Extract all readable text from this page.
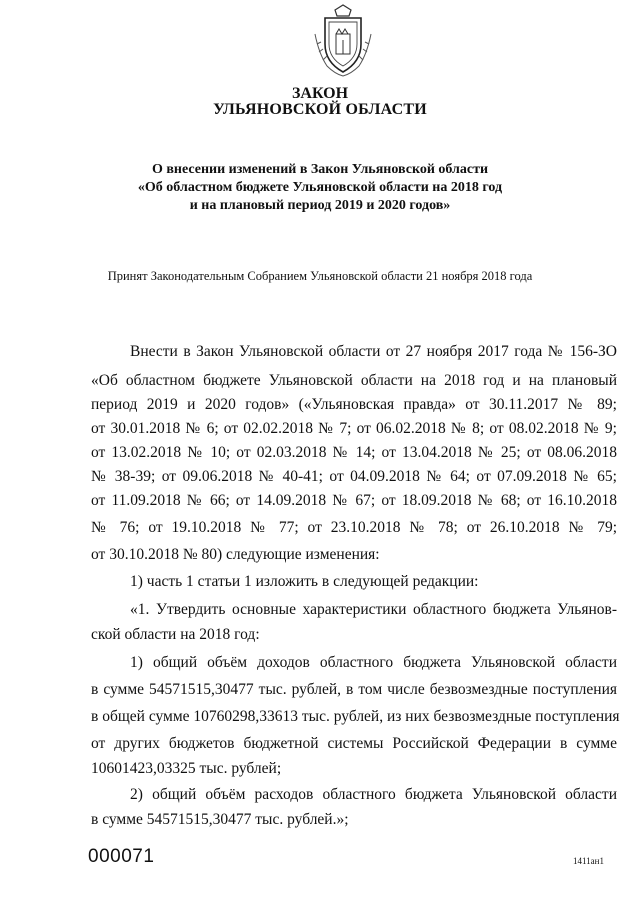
ЗАКОН
УЛЬЯНОВСКОЙ ОБЛАСТИ
О внесении изменений в Закон Ульяновской области
«Об областном бюджете Ульяновской области на 2018 год
и на плановый период 2019 и 2020 годов»
Принят Законодательным Собранием Ульяновской области 21 ноября 2018 года
Внести в Закон Ульяновской области от 27 ноября 2017 года № 156-ЗО
«Об областном бюджете Ульяновской области на 2018 год и на плановый
период 2019 и 2020 годов» («Ульяновская правда» от 30.11.2017 № 89;
от 30.01.2018 № 6; от 02.02.2018 № 7; от 06.02.2018 № 8; от 08.02.2018 № 9;
от 13.02.2018 № 10; от 02.03.2018 № 14; от 13.04.2018 № 25; от 08.06.2018
№ 38-39; от 09.06.2018 № 40-41; от 04.09.2018 № 64; от 07.09.2018 № 65;
от 11.09.2018 № 66; от 14.09.2018 № 67; от 18.09.2018 № 68; от 16.10.2018
№ 76; от 19.10.2018 № 77; от 23.10.2018 № 78; от 26.10.2018 № 79;
от 30.10.2018 № 80) следующие изменения:
1) часть 1 статьи 1 изложить в следующей редакции:
«1. Утвердить основные характеристики областного бюджета Ульянов-
ской области на 2018 год:
1) общий объём доходов областного бюджета Ульяновской области
в сумме 54571515,30477 тыс. рублей, в том числе безвозмездные поступления
в общей сумме 10760298,33613 тыс. рублей, из них безвозмездные поступления
от других бюджетов бюджетной системы Российской Федерации в сумме
10601423,03325 тыс. рублей;
2) общий объём расходов областного бюджета Ульяновской области
в сумме 54571515,30477 тыс. рублей.»;
000071	1411ан1
